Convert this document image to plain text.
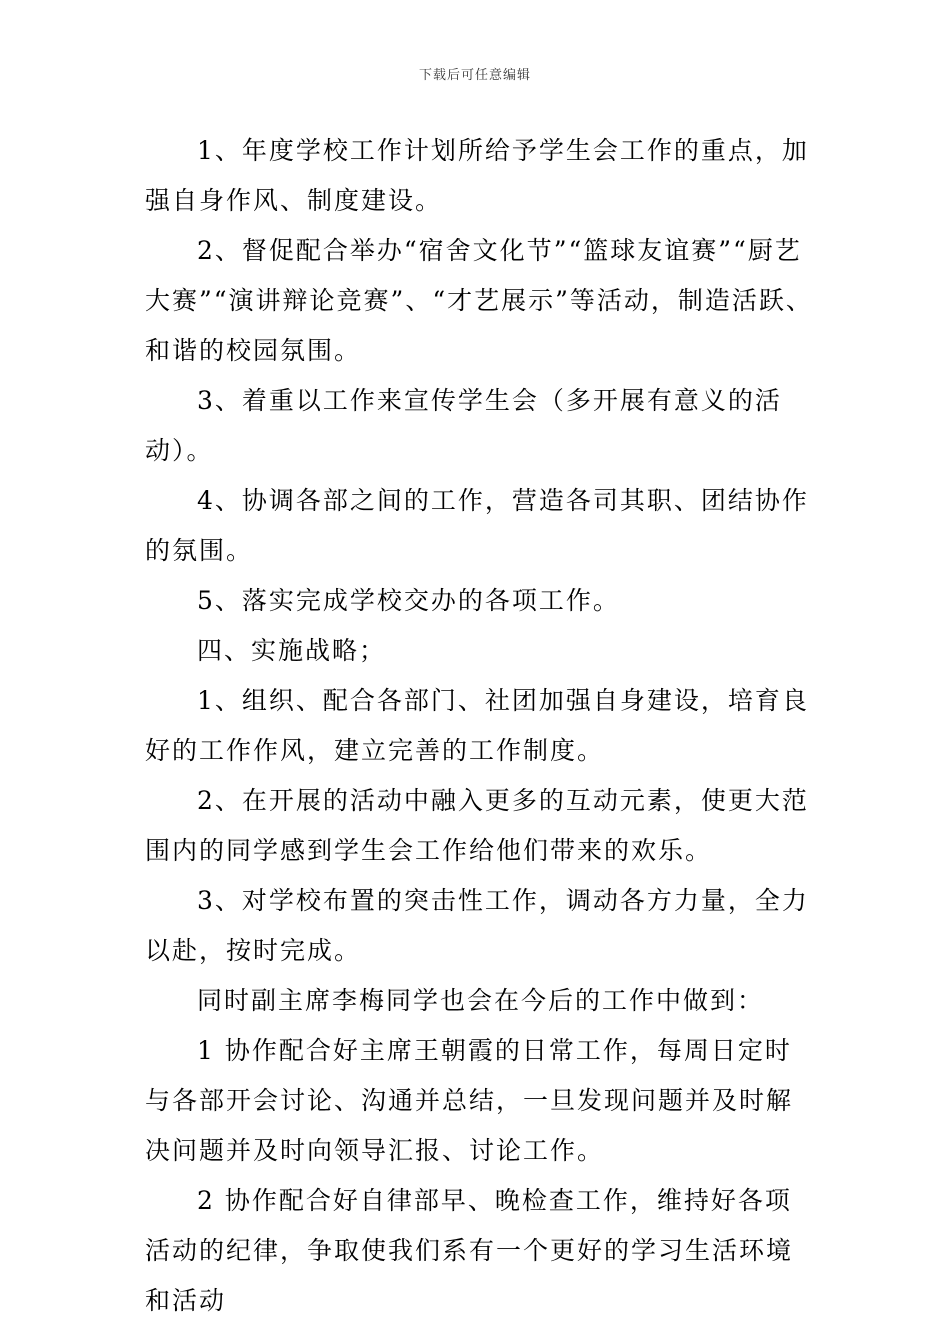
下载后可任意编辑

1、年度学校工作计划所给予学生会工作的重点，加强自身作风、制度建设。

2、督促配合举办“宿舍文化节”“篮球友谊赛”“厨艺大赛”“演讲辩论竞赛”、“才艺展示”等活动，制造活跃、和谐的校园氛围。

3、着重以工作来宣传学生会（多开展有意义的活动）。

4、协调各部之间的工作，营造各司其职、团结协作的氛围。

5、落实完成学校交办的各项工作。

四、实施战略；

1、组织、配合各部门、社团加强自身建设，培育良好的工作作风，建立完善的工作制度。

2、在开展的活动中融入更多的互动元素，使更大范围内的同学感到学生会工作给他们带来的欢乐。

3、对学校布置的突击性工作，调动各方力量，全力以赴，按时完成。

同时副主席李梅同学也会在今后的工作中做到：

1 协作配合好主席王朝霞的日常工作，每周日定时与各部开会讨论、沟通并总结，一旦发现问题并及时解决问题并及时向领导汇报、讨论工作。

2 协作配合好自律部早、晚检查工作，维持好各项活动的纪律，争取使我们系有一个更好的学习生活环境和活动
